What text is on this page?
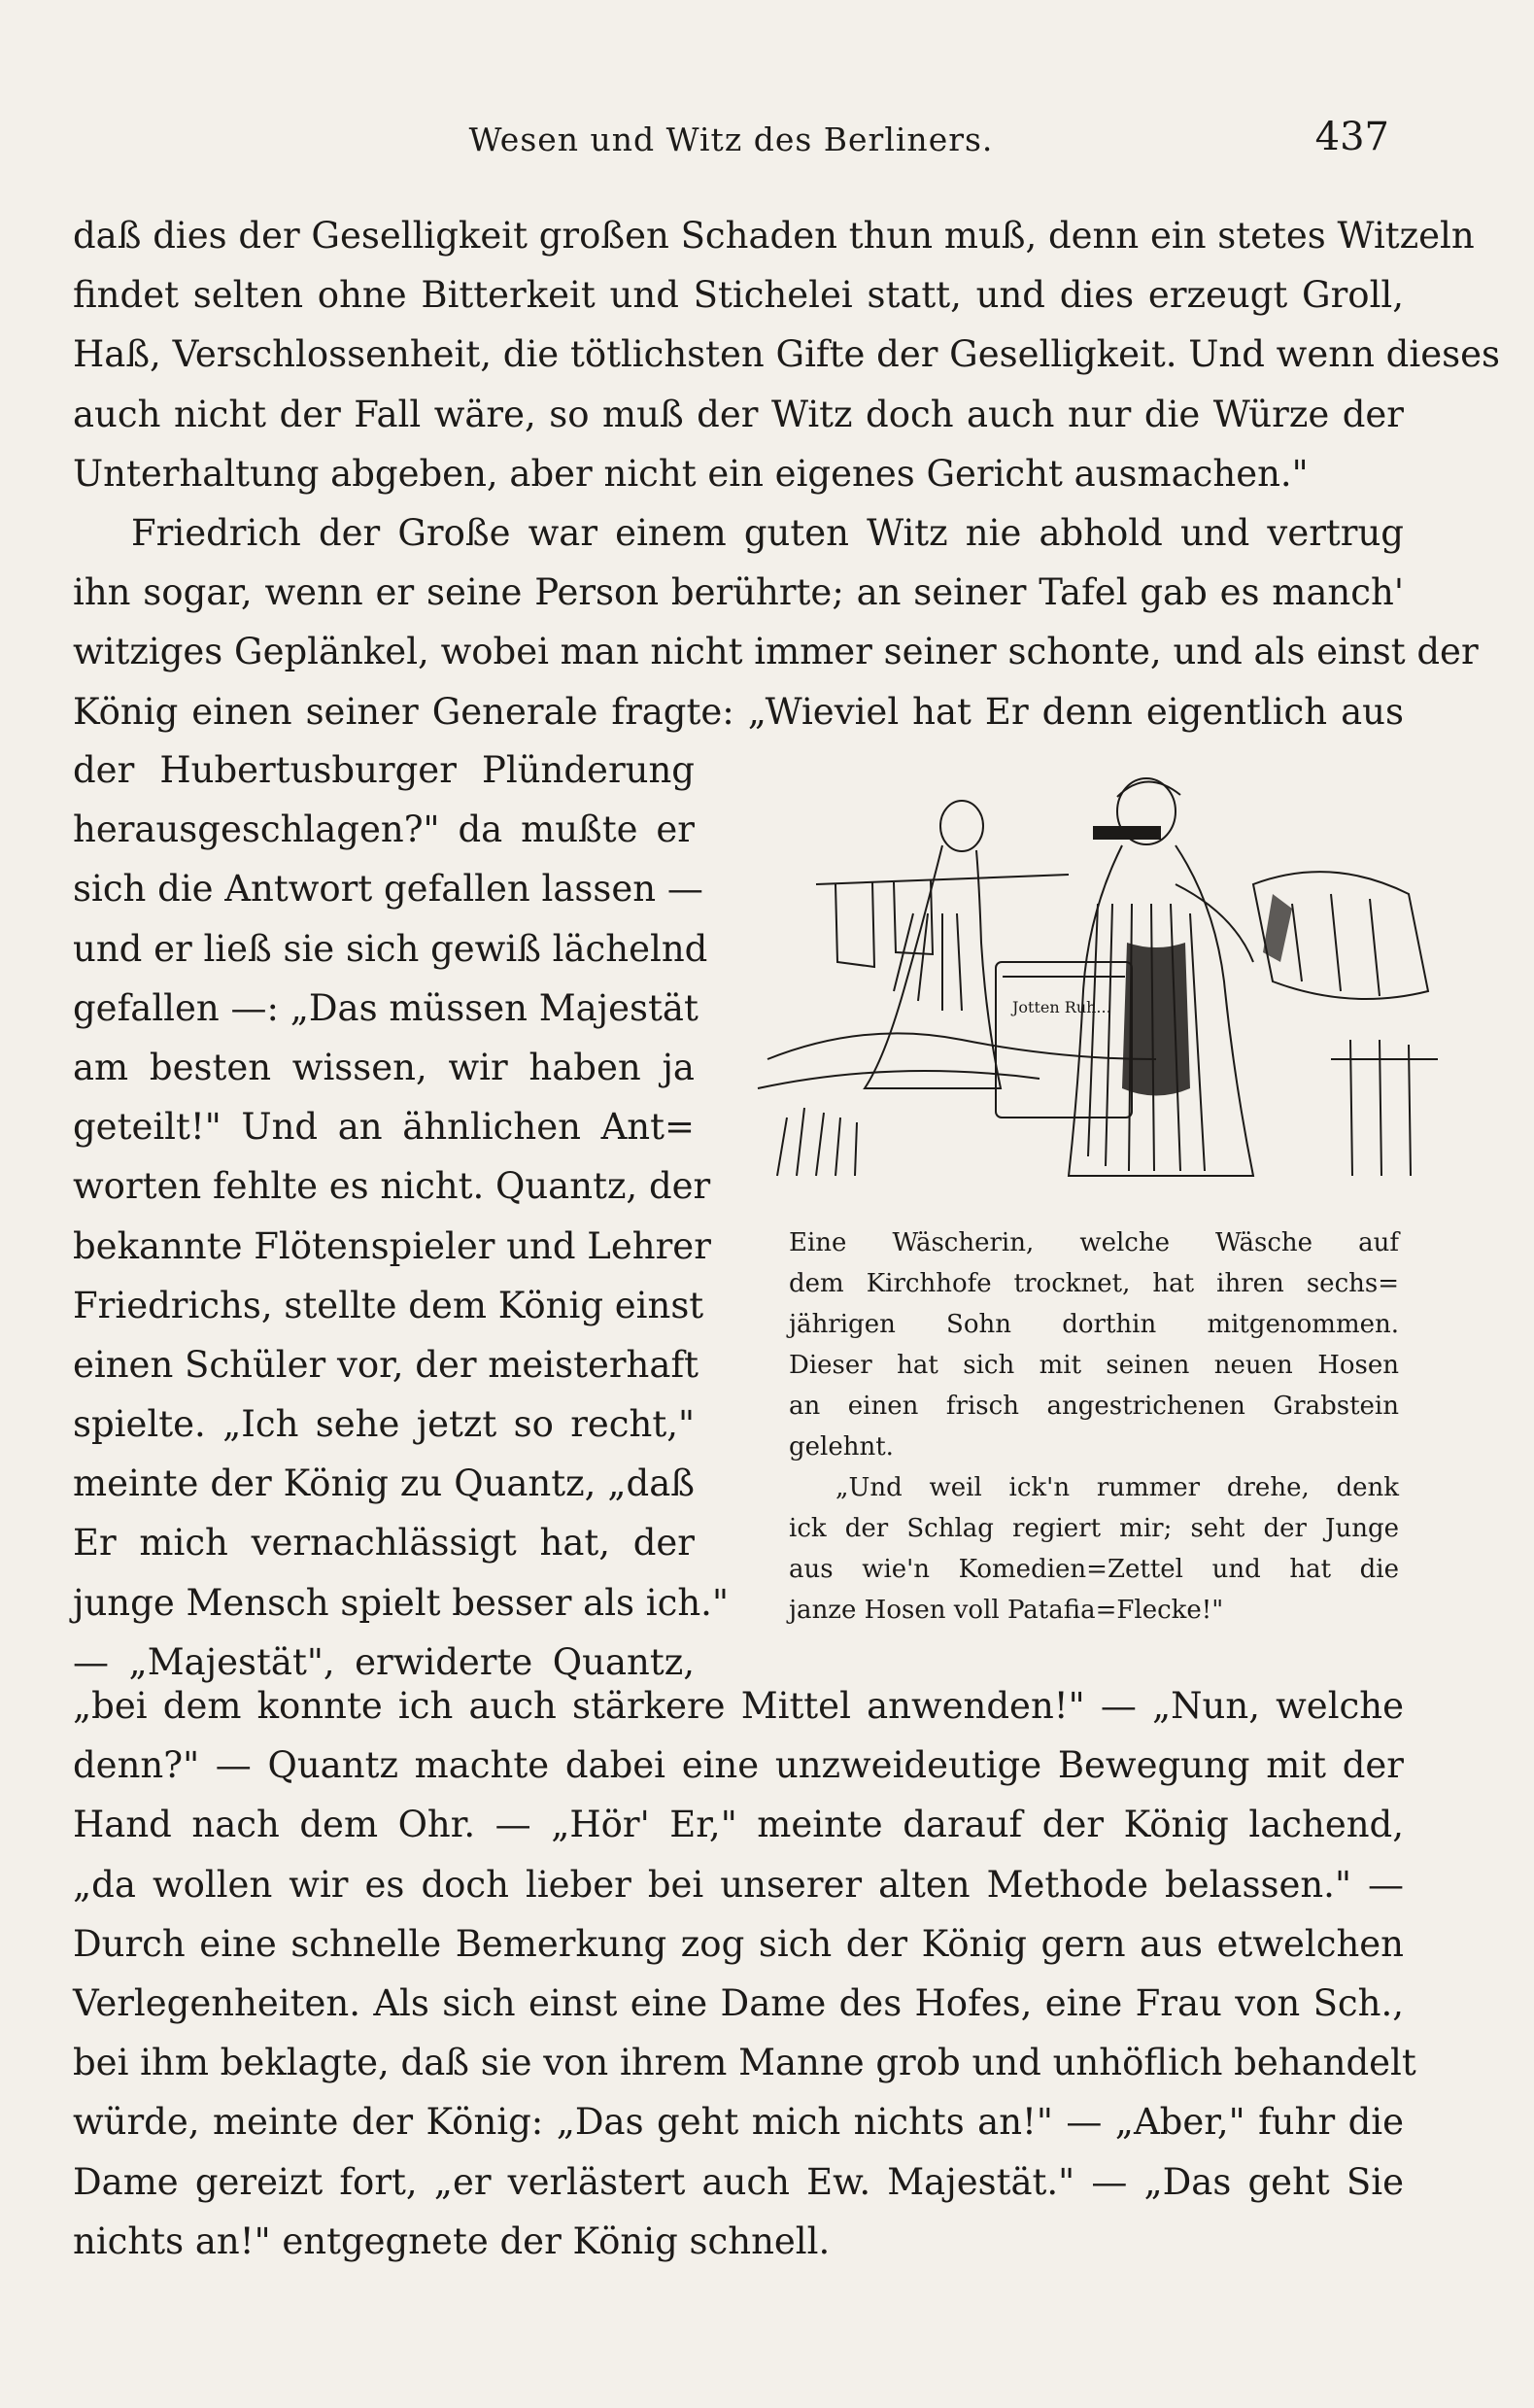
Wesen und Witz des Berliners.	437
daß dies der Geselligkeit großen Schaden thun muß, denn ein stetes Witzeln
findet selten ohne Bitterkeit und Stichelei statt, und dies erzeugt Groll,
Haß, Verschlossenheit, die tötlichsten Gifte der Geselligkeit. Und wenn dieses
auch nicht der Fall wäre, so muß der Witz doch auch nur die Würze der
Unterhaltung abgeben, aber nicht ein eigenes Gericht ausmachen."
Friedrich der Große war einem guten Witz nie abhold und vertrug
ihn sogar, wenn er seine Person berührte; an seiner Tafel gab es manch'
witziges Geplänkel, wobei man nicht immer seiner schonte, und als einst der
König einen seiner Generale fragte: „Wieviel hat Er denn eigentlich aus
der Hubertusburger Plünderung
herausgeschlagen?" da mußte er
sich die Antwort gefallen lassen —
und er ließ sie sich gewiß lächelnd
gefallen —: „Das müssen Majestät
am besten wissen, wir haben ja
geteilt!" Und an ähnlichen Ant=
worten fehlte es nicht. Quantz, der
bekannte Flötenspieler und Lehrer
Friedrichs, stellte dem König einst
einen Schüler vor, der meisterhaft
spielte. „Ich sehe jetzt so recht,"
meinte der König zu Quantz, „daß
Er mich vernachlässigt hat, der
junge Mensch spielt besser als ich."
— „Majestät", erwiderte Quantz,
Jotten Ruh...
Eine Wäscherin, welche Wäsche auf
dem Kirchhofe trocknet, hat ihren sechs=
jährigen Sohn dorthin mitgenommen.
Dieser hat sich mit seinen neuen Hosen
an einen frisch angestrichenen Grabstein
gelehnt.
„Und weil ick'n rummer drehe, denk
ick der Schlag regiert mir; seht der Junge
aus wie'n Komedien=Zettel und hat die
janze Hosen voll Patafia=Flecke!"
„bei dem konnte ich auch stärkere Mittel anwenden!" — „Nun, welche
denn?" — Quantz machte dabei eine unzweideutige Bewegung mit der
Hand nach dem Ohr. — „Hör' Er," meinte darauf der König lachend,
„da wollen wir es doch lieber bei unserer alten Methode belassen." —
Durch eine schnelle Bemerkung zog sich der König gern aus etwelchen
Verlegenheiten. Als sich einst eine Dame des Hofes, eine Frau von Sch.,
bei ihm beklagte, daß sie von ihrem Manne grob und unhöflich behandelt
würde, meinte der König: „Das geht mich nichts an!" — „Aber," fuhr die
Dame gereizt fort, „er verlästert auch Ew. Majestät." — „Das geht Sie
nichts an!" entgegnete der König schnell.
